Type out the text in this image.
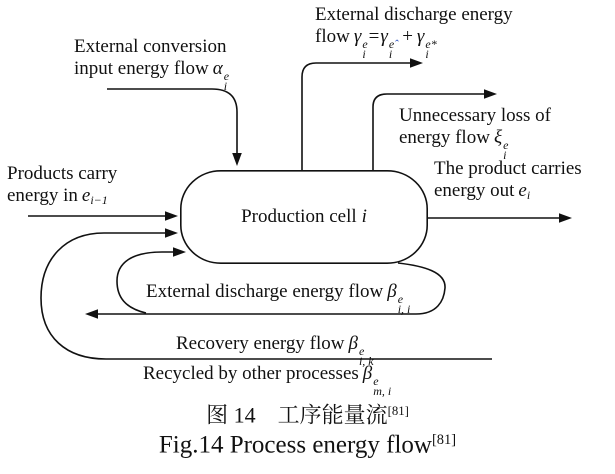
External conversion
input energy flow α e
i
External discharge energy
flow γ e
i
=γ eˆ
i
+ γ e*
i
Unnecessary loss of
energy flow ξ e
i
Products carry
energy in ei−1
The product carries
energy out ei
Production cell i
External discharge energy flow β e
i, i
Recovery energy flow β e
i, k
Recycled by other processes β e
m, i
图 14　工序能量流[81]
Fig.14 Process energy flow[81]
